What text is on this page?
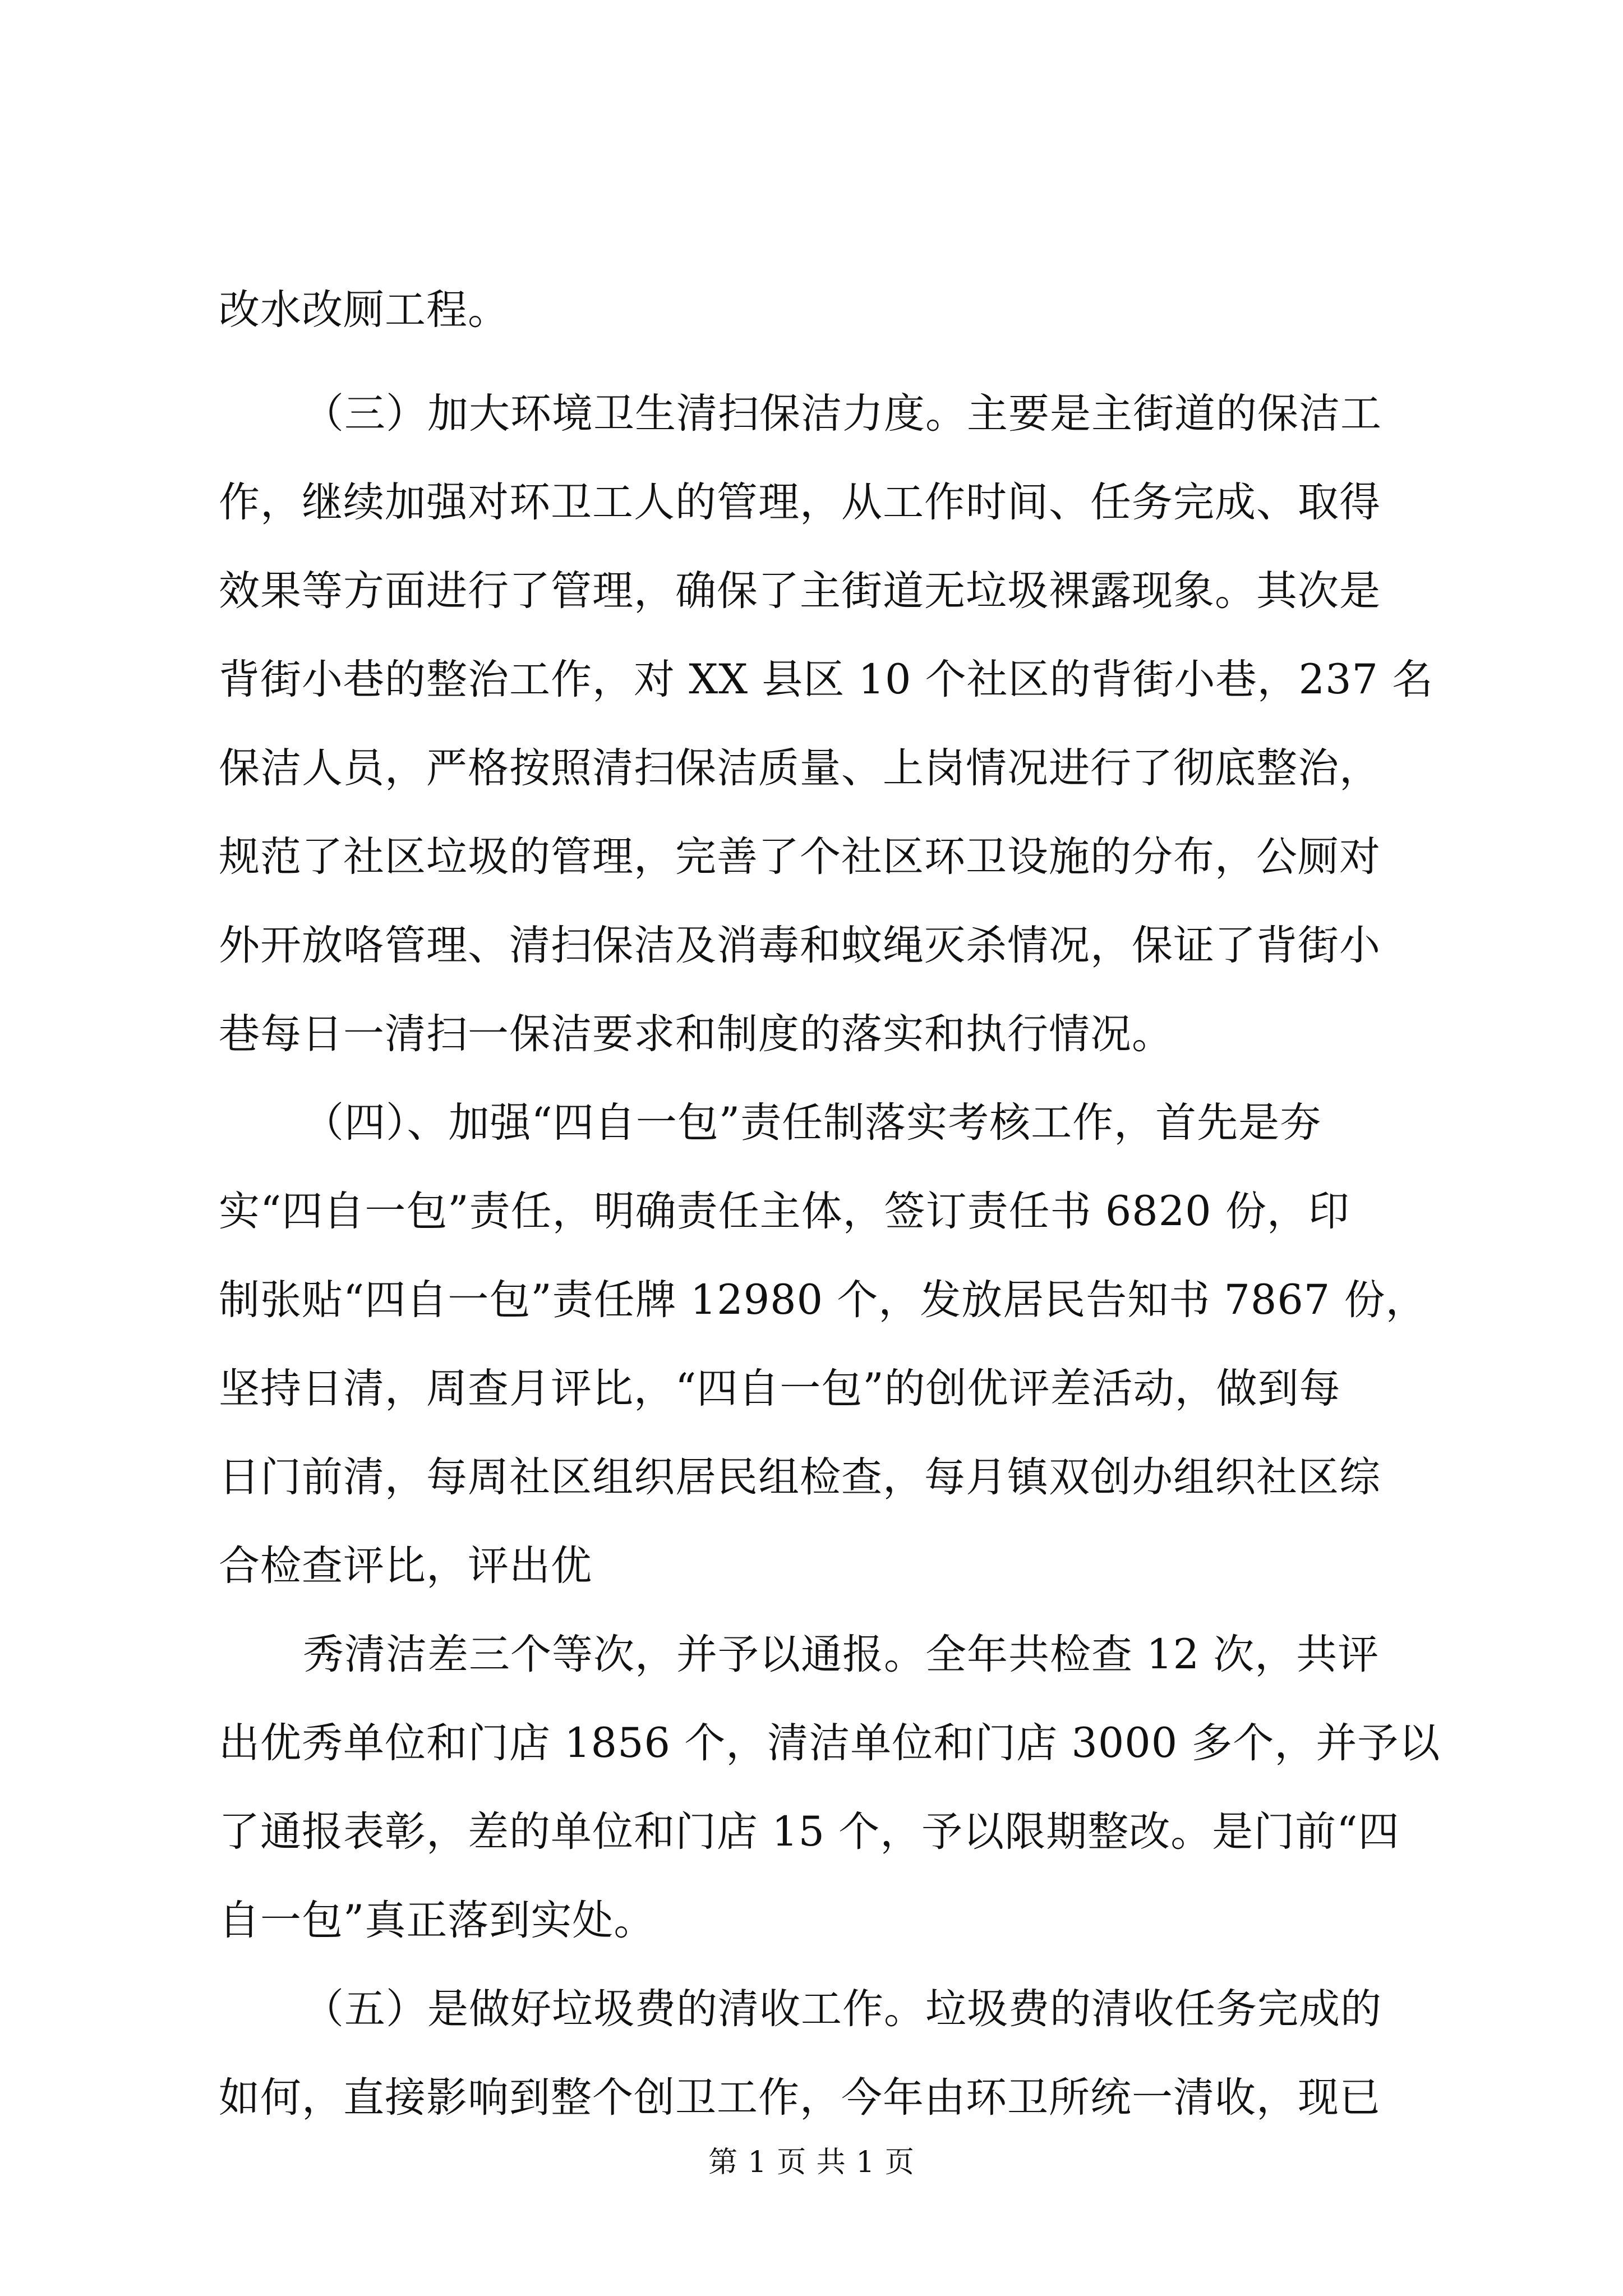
改水改厕工程。
（三）加大环境卫生清扫保洁力度。主要是主街道的保洁工
作，继续加强对环卫工人的管理，从工作时间、任务完成、取得
效果等方面进行了管理，确保了主街道无垃圾裸露现象。其次是
背街小巷的整治工作，对 XX 县区 10 个社区的背街小巷，237 名
保洁人员，严格按照清扫保洁质量、上岗情况进行了彻底整治，
规范了社区垃圾的管理，完善了个社区环卫设施的分布，公厕对
外开放咯管理、清扫保洁及消毒和蚊绳灭杀情况，保证了背街小
巷每日一清扫一保洁要求和制度的落实和执行情况。
（四）、加强“四自一包”责任制落实考核工作，首先是夯
实“四自一包”责任，明确责任主体，签订责任书 6820 份，印
制张贴“四自一包”责任牌 12980 个，发放居民告知书 7867 份，
坚持日清，周查月评比，“四自一包”的创优评差活动，做到每
日门前清，每周社区组织居民组检查，每月镇双创办组织社区综
合检查评比，评出优
秀清洁差三个等次，并予以通报。全年共检查 12 次，共评
出优秀单位和门店 1856 个，清洁单位和门店 3000 多个，并予以
了通报表彰，差的单位和门店 15 个，予以限期整改。是门前“四
自一包”真正落到实处。
（五）是做好垃圾费的清收工作。垃圾费的清收任务完成的
如何，直接影响到整个创卫工作，今年由环卫所统一清收，现已
第 1 页 共 1 页
